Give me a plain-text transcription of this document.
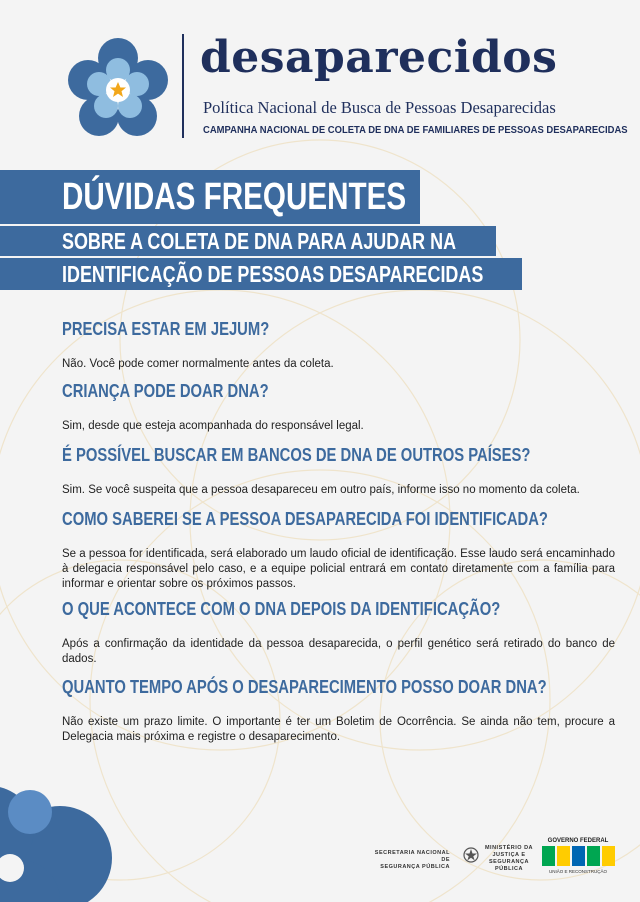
desaparecidos
Política Nacional de Busca de Pessoas Desaparecidas
CAMPANHA NACIONAL DE COLETA DE DNA DE FAMILIARES DE PESSOAS DESAPARECIDAS
DÚVIDAS FREQUENTES
SOBRE A COLETA DE DNA PARA AJUDAR NA
IDENTIFICAÇÃO DE PESSOAS DESAPARECIDAS
PRECISA ESTAR EM JEJUM?
Não. Você pode comer normalmente antes da coleta.
CRIANÇA PODE DOAR DNA?
Sim, desde que esteja acompanhada do responsável legal.
É POSSÍVEL BUSCAR EM BANCOS DE DNA DE OUTROS PAÍSES?
Sim. Se você suspeita que a pessoa desapareceu em outro país, informe isso no momento da coleta.
COMO SABEREI SE A PESSOA DESAPARECIDA FOI IDENTIFICADA?
Se a pessoa for identificada, será elaborado um laudo oficial de identificação. Esse laudo será encaminhado à delegacia responsável pelo caso, e a equipe policial entrará em contato diretamente com a família para informar e orientar sobre os próximos passos.
O QUE ACONTECE COM O DNA DEPOIS DA IDENTIFICAÇÃO?
Após a confirmação da identidade da pessoa desaparecida, o perfil genético será retirado do banco de dados.
QUANTO TEMPO APÓS O DESAPARECIMENTO POSSO DOAR DNA?
Não existe um prazo limite. O importante é ter um Boletim de Ocorrência. Se ainda não tem, procure a Delegacia mais próxima e registre o desaparecimento.
SECRETARIA NACIONAL DE
SEGURANÇA PÚBLICA
MINISTÉRIO DA
JUSTIÇA E
SEGURANÇA PÚBLICA
GOVERNO FEDERAL
UNIÃO E RECONSTRUÇÃO
